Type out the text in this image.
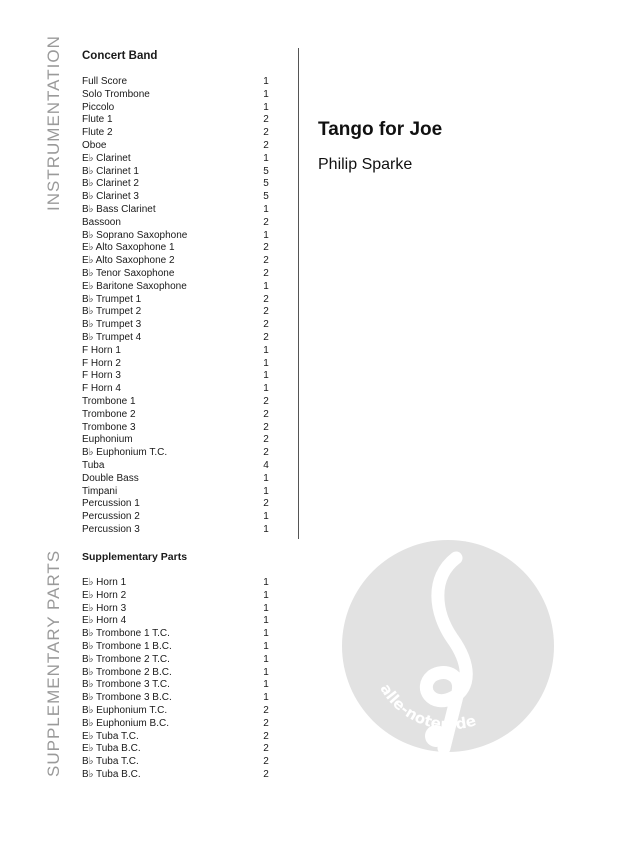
INSTRUMENTATION Concert Band
Full Score	1
Solo Trombone	1
Piccolo	1
Flute 1	2
Flute 2	2
Oboe	2
E♭ Clarinet	1
B♭ Clarinet 1	5
B♭ Clarinet 2	5
B♭ Clarinet 3	5
B♭ Bass Clarinet	1
Bassoon	2
B♭ Soprano Saxophone	1
E♭ Alto Saxophone 1	2
E♭ Alto Saxophone 2	2
B♭ Tenor Saxophone	2
E♭ Baritone Saxophone	1
B♭ Trumpet 1	2
B♭ Trumpet 2	2
B♭ Trumpet 3	2
B♭ Trumpet 4	2
F Horn 1	1
F Horn 2	1
F Horn 3	1
F Horn 4	1
Trombone 1	2
Trombone 2	2
Trombone 3	2
Euphonium	2
B♭ Euphonium T.C.	2
Tuba	4
Double Bass	1
Timpani	1
Percussion 1	2
Percussion 2	1
Percussion 3	1
Tango for Joe
Philip Sparke
SUPPLEMENTARY PARTS Supplementary Parts
E♭ Horn 1	1
E♭ Horn 2	1
E♭ Horn 3	1
E♭ Horn 4	1
B♭ Trombone 1 T.C.	1
B♭ Trombone 1 B.C.	1
B♭ Trombone 2 T.C.	1
B♭ Trombone 2 B.C.	1
B♭ Trombone 3 T.C.	1
B♭ Trombone 3 B.C.	1
B♭ Euphonium T.C.	2
B♭ Euphonium B.C.	2
E♭ Tuba T.C.	2
E♭ Tuba B.C.	2
B♭ Tuba T.C.	2
B♭ Tuba B.C.	2
alle-noten.de
